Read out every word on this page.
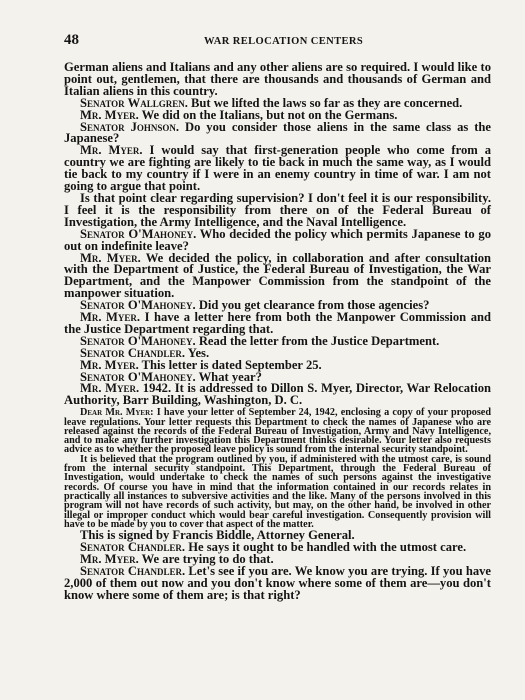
48	WAR RELOCATION CENTERS

German aliens and Italians and any other aliens are so required. I would like to point out, gentlemen, that there are thousands and thousands of German and Italian aliens in this country.

Senator Wallgren. But we lifted the laws so far as they are concerned.

Mr. Myer. We did on the Italians, but not on the Germans.

Senator Johnson. Do you consider those aliens in the same class as the Japanese?

Mr. Myer. I would say that first-generation people who come from a country we are fighting are likely to tie back in much the same way, as I would tie back to my country if I were in an enemy country in time of war. I am not going to argue that point.

Is that point clear regarding supervision? I don't feel it is our responsibility. I feel it is the responsibility from there on of the Federal Bureau of Investigation, the Army Intelligence, and the Naval Intelligence.

Senator O'Mahoney. Who decided the policy which permits Japanese to go out on indefinite leave?

Mr. Myer. We decided the policy, in collaboration and after consultation with the Department of Justice, the Federal Bureau of Investigation, the War Department, and the Manpower Commission from the standpoint of the manpower situation.

Senator O'Mahoney. Did you get clearance from those agencies?

Mr. Myer. I have a letter here from both the Manpower Commission and the Justice Department regarding that.

Senator O'Mahoney. Read the letter from the Justice Department.

Senator Chandler. Yes.

Mr. Myer. This letter is dated September 25.

Senator O'Mahoney. What year?

Mr. Myer. 1942. It is addressed to Dillon S. Myer, Director, War Relocation Authority, Barr Building, Washington, D. C.

Dear Mr. Myer: I have your letter of September 24, 1942, enclosing a copy of your proposed leave regulations. Your letter requests this Department to check the names of Japanese who are released against the records of the Federal Bureau of Investigation, Army and Navy Intelligence, and to make any further investigation this Department thinks desirable. Your letter also requests advice as to whether the proposed leave policy is sound from the internal security standpoint.

It is believed that the program outlined by you, if administered with the utmost care, is sound from the internal security standpoint. This Department, through the Federal Bureau of Investigation, would undertake to check the names of such persons against the investigative records. Of course you have in mind that the information contained in our records relates in practically all instances to subversive activities and the like. Many of the persons involved in this program will not have records of such activity, but may, on the other hand, be involved in other illegal or improper conduct which would bear careful investigation. Consequently provision will have to be made by you to cover that aspect of the matter.

This is signed by Francis Biddle, Attorney General.

Senator Chandler. He says it ought to be handled with the utmost care.

Mr. Myer. We are trying to do that.

Senator Chandler. Let's see if you are. We know you are trying. If you have 2,000 of them out now and you don't know where some of them are—you don't know where some of them are; is that right?
